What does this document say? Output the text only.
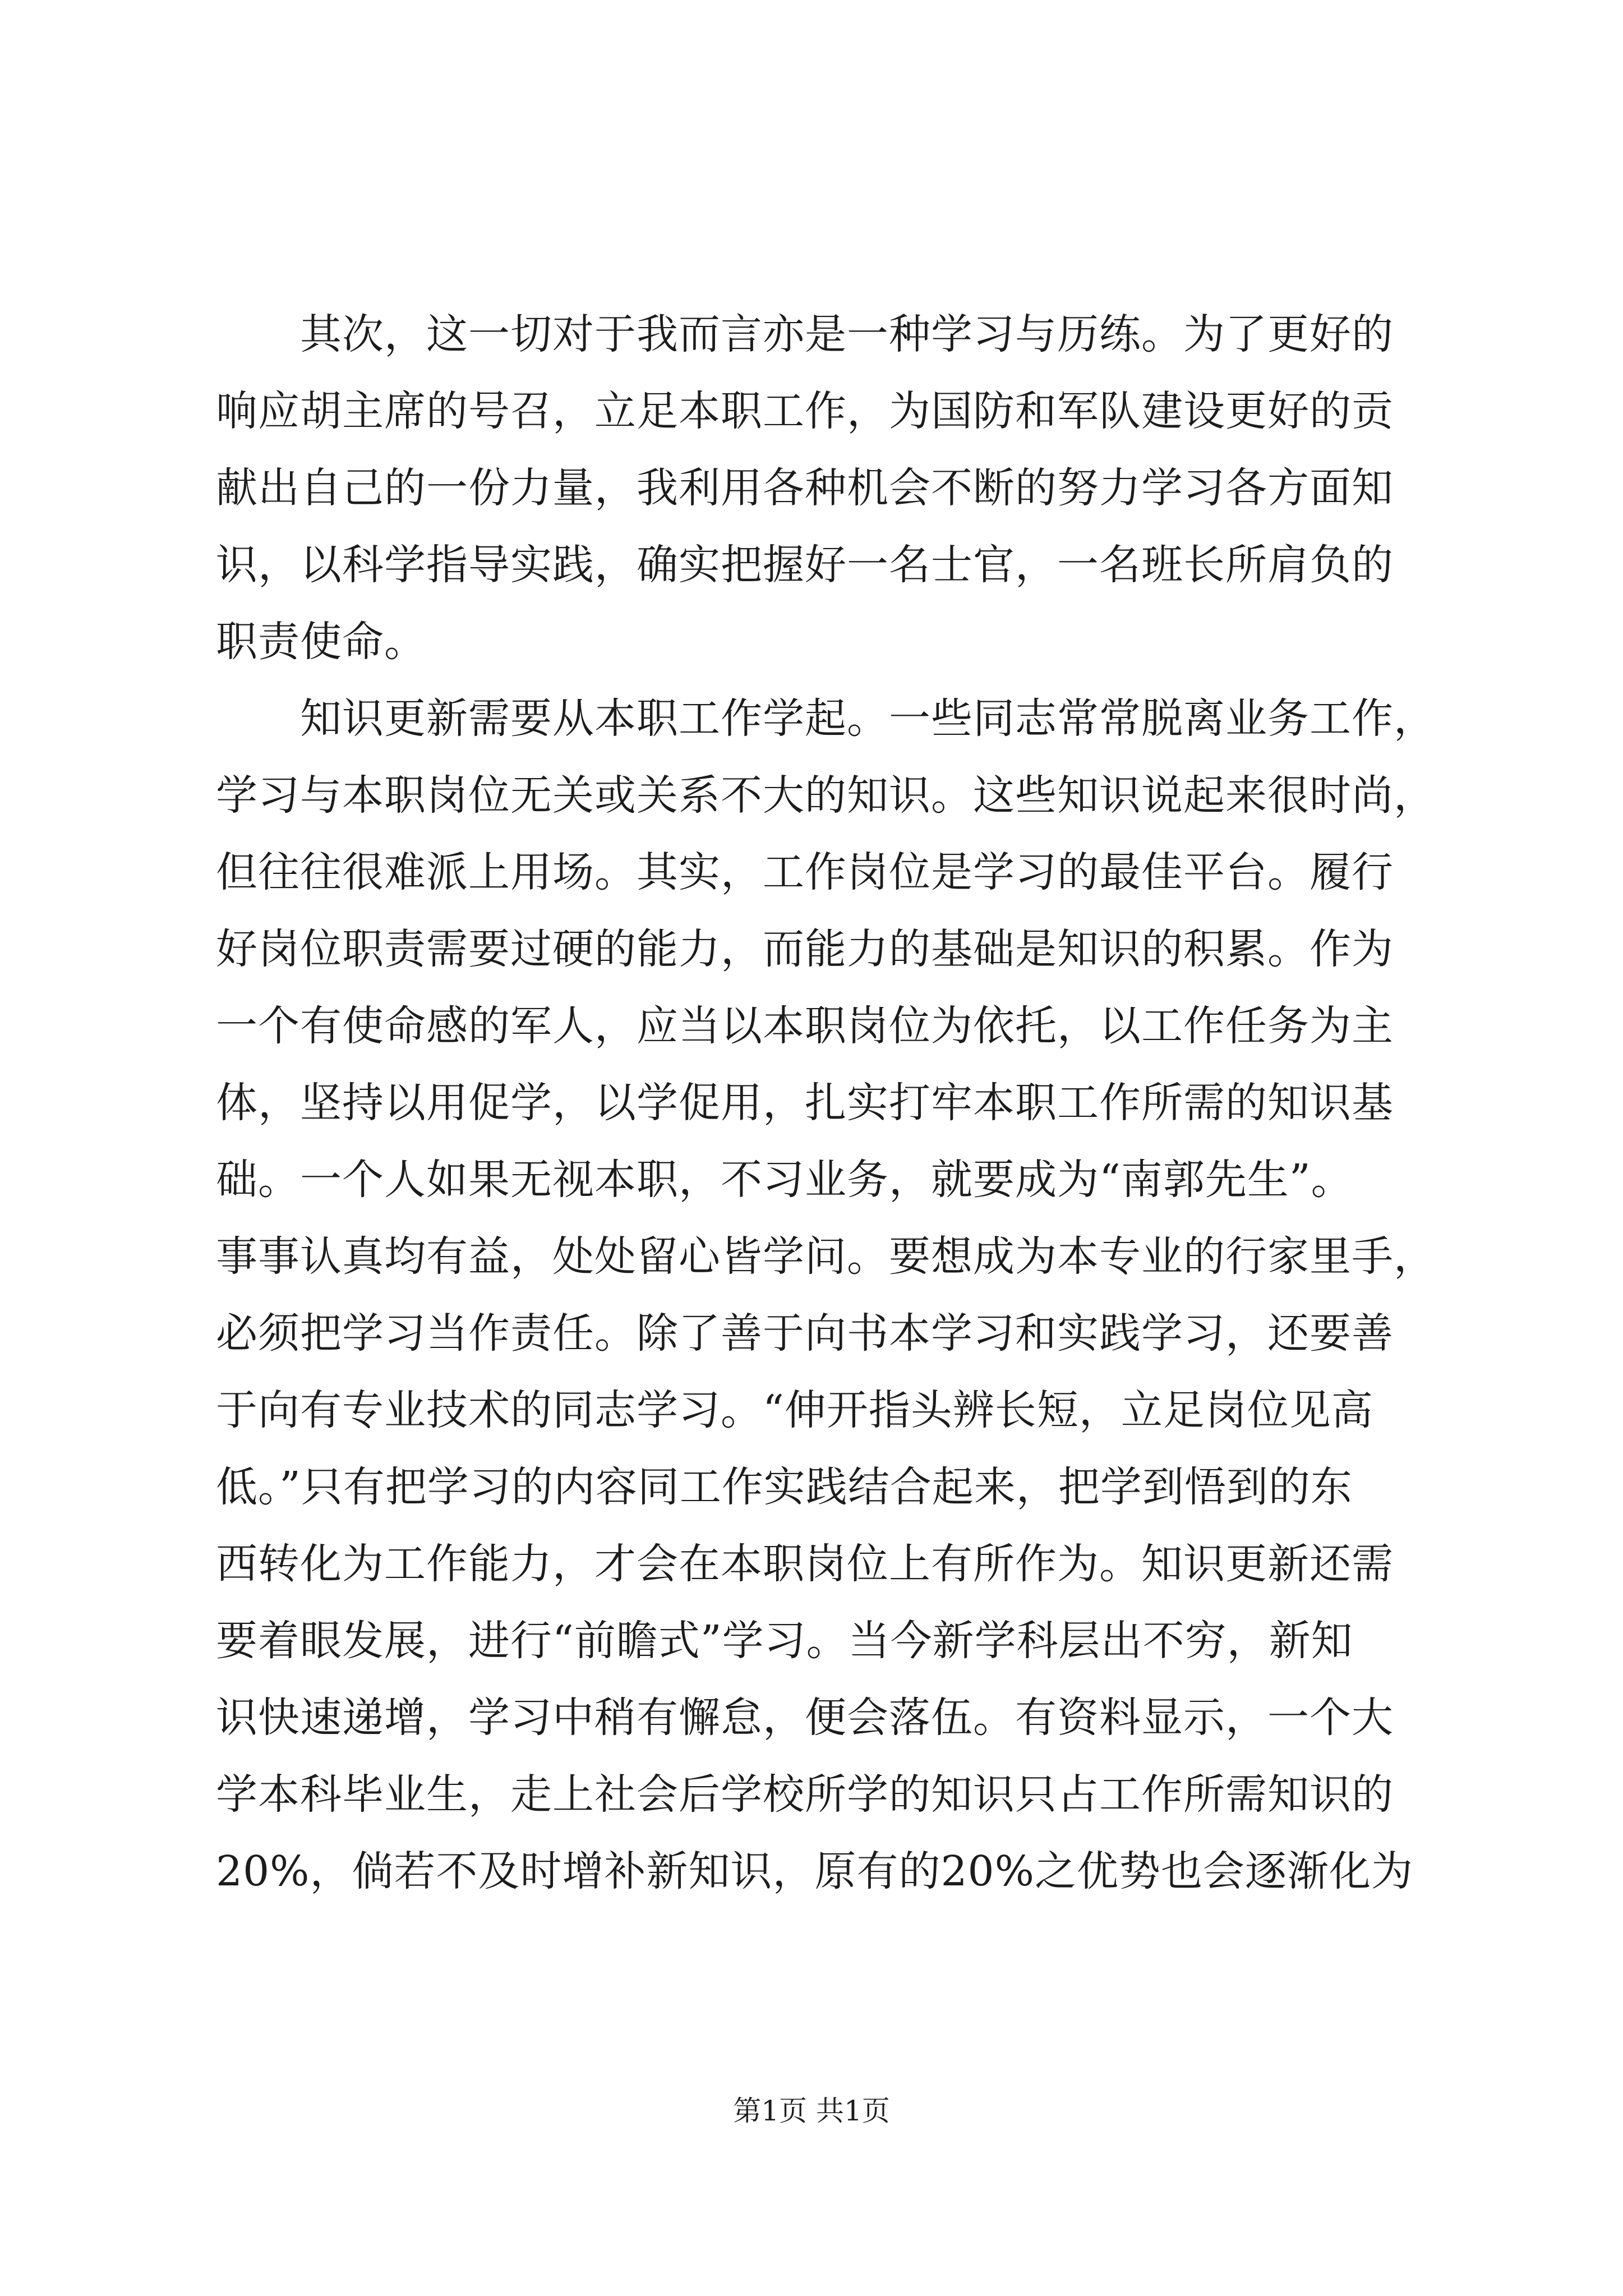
其次，这一切对于我而言亦是一种学习与历练。为了更好的
响应胡主席的号召，立足本职工作，为国防和军队建设更好的贡
献出自己的一份力量，我利用各种机会不断的努力学习各方面知
识，以科学指导实践，确实把握好一名士官，一名班长所肩负的
职责使命。
知识更新需要从本职工作学起。一些同志常常脱离业务工作，
学习与本职岗位无关或关系不大的知识。这些知识说起来很时尚，
但往往很难派上用场。其实，工作岗位是学习的最佳平台。履行
好岗位职责需要过硬的能力，而能力的基础是知识的积累。作为
一个有使命感的军人，应当以本职岗位为依托，以工作任务为主
体，坚持以用促学，以学促用，扎实打牢本职工作所需的知识基
础。一个人如果无视本职，不习业务，就要成为“南郭先生”。
事事认真均有益，处处留心皆学问。要想成为本专业的行家里手，
必须把学习当作责任。除了善于向书本学习和实践学习，还要善
于向有专业技术的同志学习。“伸开指头辨长短，立足岗位见高
低。”只有把学习的内容同工作实践结合起来，把学到悟到的东
西转化为工作能力，才会在本职岗位上有所作为。知识更新还需
要着眼发展，进行“前瞻式”学习。当今新学科层出不穷，新知
识快速递增，学习中稍有懈怠，便会落伍。有资料显示，一个大
学本科毕业生，走上社会后学校所学的知识只占工作所需知识的
20%，倘若不及时增补新知识，原有的20%之优势也会逐渐化为
第1页 共1页
